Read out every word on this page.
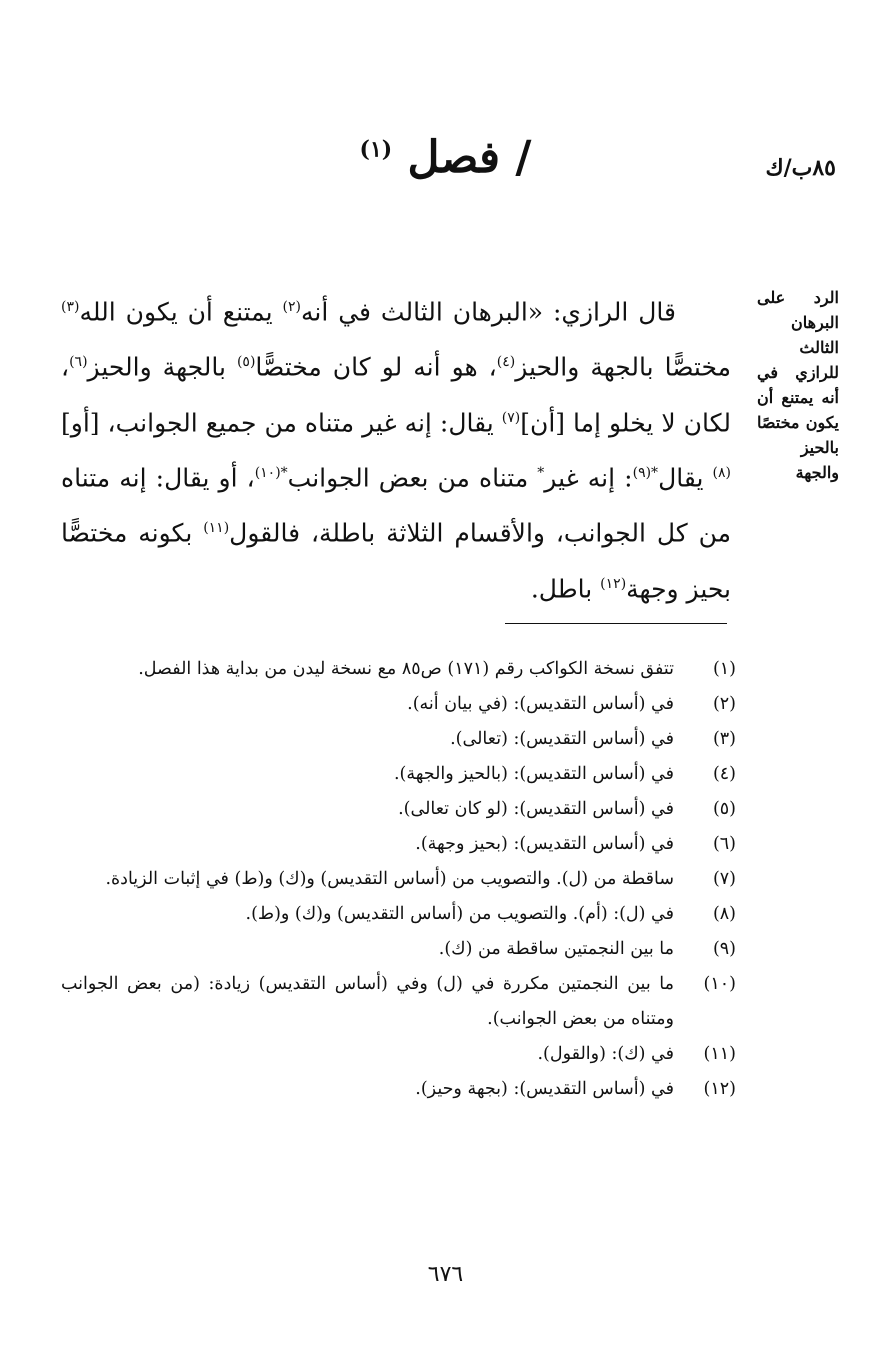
٨٥ب/ك
/ فصل $^{(١)}$
الرد على البرهان الثالث للرازي في أنه يمتنع أن يكون مختصًا بالحيز والجهة

قال الرازي: «البرهان الثالث في أنه$^{(٢)}$ يمتنع أن يكون الله$^{(٣)}$ مختصًّا بالجهة والحيز$^{(٤)}$، هو أنه لو كان مختصًّا$^{(٥)}$ بالجهة والحيز$^{(٦)}$، لكان لا يخلو إما [أن]$^{(٧)}$ يقال: إنه غير متناه من جميع الجوانب، [أو]$^{(٨)}$ يقال$^{*(٩)}$: إنه غير* متناه من بعض الجوانب$^{*(١٠)}$، أو يقال: إنه متناه من كل الجوانب، والأقسام الثلاثة باطلة، فالقول$^{(١١)}$ بكونه مختصًّا بحيز وجهة$^{(١٢)}$ باطل.

(١)
تتفق نسخة الكواكب رقم (١٧١) ص٨٥ مع نسخة ليدن من بداية هذا الفصل.
(٢)
في (أساس التقديس): (في بيان أنه).
(٣)
في (أساس التقديس): (تعالى).
(٤)
في (أساس التقديس): (بالحيز والجهة).
(٥)
في (أساس التقديس): (لو كان تعالى).
(٦)
في (أساس التقديس): (بحيز وجهة).
(٧)
ساقطة من (ل). والتصويب من (أساس التقديس) و(ك) و(ط) في إثبات الزيادة.
(٨)
في (ل): (أم). والتصويب من (أساس التقديس) و(ك) و(ط).
(٩)
ما بين النجمتين ساقطة من (ك).
(١٠)
ما بين النجمتين مكررة في (ل) وفي (أساس التقديس) زيادة: (من بعض الجوانب ومتناه من بعض الجوانب).
(١١)
في (ك): (والقول).
(١٢)
في (أساس التقديس): (بجهة وحيز).
٦٧٦
